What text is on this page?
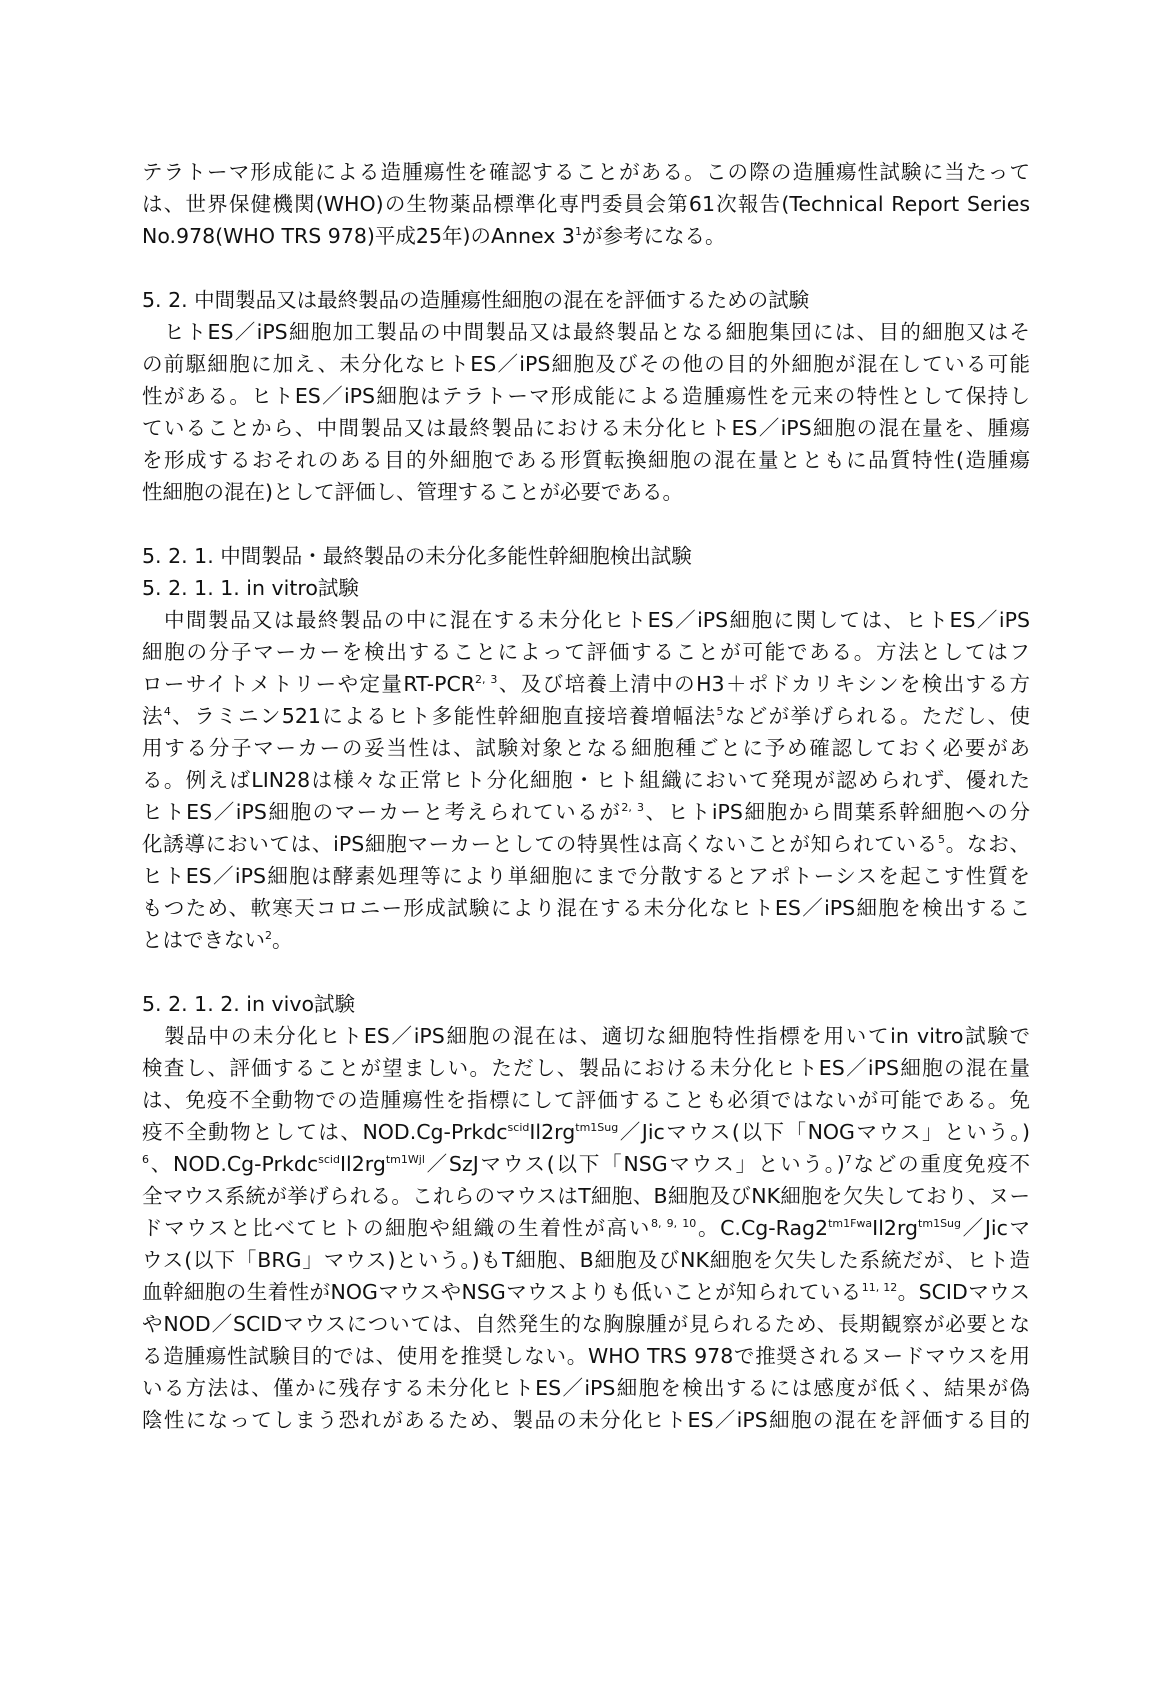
テラトーマ形成能による造腫瘍性を確認することがある。この際の造腫瘍性試験に当たって
は、世界保健機関(WHO)の生物薬品標準化専門委員会第61次報告(Technical Report Series
No.978(WHO TRS 978)平成25年)のAnnex $3^1$が参考になる。
5. 2. 中間製品又は最終製品の造腫瘍性細胞の混在を評価するための試験
　ヒトES／iPS細胞加工製品の中間製品又は最終製品となる細胞集団には、目的細胞又はそ
の前駆細胞に加え、未分化なヒトES／iPS細胞及びその他の目的外細胞が混在している可能
性がある。ヒトES／iPS細胞はテラトーマ形成能による造腫瘍性を元来の特性として保持し
ていることから、中間製品又は最終製品における未分化ヒトES／iPS細胞の混在量を、腫瘍
を形成するおそれのある目的外細胞である形質転換細胞の混在量とともに品質特性(造腫瘍
性細胞の混在)として評価し、管理することが必要である。
5. 2. 1. 中間製品・最終製品の未分化多能性幹細胞検出試験
5. 2. 1. 1. in vitro試験
　中間製品又は最終製品の中に混在する未分化ヒトES／iPS細胞に関しては、ヒトES／iPS
細胞の分子マーカーを検出することによって評価することが可能である。方法としてはフ
ローサイトメトリーや定量RT-PCR$^{2, 3}$、及び培養上清中のH3＋ポドカリキシンを検出する方
法$^4$、ラミニン521によるヒト多能性幹細胞直接培養増幅法$^5$などが挙げられる。ただし、使
用する分子マーカーの妥当性は、試験対象となる細胞種ごとに予め確認しておく必要があ
る。例えばLIN28は様々な正常ヒト分化細胞・ヒト組織において発現が認められず、優れた
ヒトES／iPS細胞のマーカーと考えられているが$^{2, 3}$、ヒトiPS細胞から間葉系幹細胞への分
化誘導においては、iPS細胞マーカーとしての特異性は高くないことが知られている$^5$。なお、
ヒトES／iPS細胞は酵素処理等により単細胞にまで分散するとアポトーシスを起こす性質を
もつため、軟寒天コロニー形成試験により混在する未分化なヒトES／iPS細胞を検出するこ
とはできない$^2$。
5. 2. 1. 2. in vivo試験
　製品中の未分化ヒトES／iPS細胞の混在は、適切な細胞特性指標を用いてin vitro試験で
検査し、評価することが望ましい。ただし、製品における未分化ヒトES／iPS細胞の混在量
は、免疫不全動物での造腫瘍性を指標にして評価することも必須ではないが可能である。免
疫不全動物としては、$NOD.Cg-Prkdc^{scid}Il2rg^{tm1Sug}/Jic$マウス(以下「NOGマウス」という。)
$^6$、$NOD.Cg-Prkdc^{scid}Il2rg^{tm1Wjl}/SzJ$マウス(以下「NSGマウス」という。)$^7$などの重度免疫不
全マウス系統が挙げられる。これらのマウスはT細胞、B細胞及びNK細胞を欠失しており、ヌー
ドマウスと比べてヒトの細胞や組織の生着性が高い$^{8, 9, 10}$。$C.Cg-Rag2^{tm1Fwa}Il2rg^{tm1Sug}/Jic$マ
ウス(以下「BRG」マウス)という。)もT細胞、B細胞及びNK細胞を欠失した系統だが、ヒト造
血幹細胞の生着性がNOGマウスやNSGマウスよりも低いことが知られている$^{11, 12}$。SCIDマウス
やNOD／SCIDマウスについては、自然発生的な胸腺腫が見られるため、長期観察が必要とな
る造腫瘍性試験目的では、使用を推奨しない。WHO TRS 978で推奨されるヌードマウスを用
いる方法は、僅かに残存する未分化ヒトES／iPS細胞を検出するには感度が低く、結果が偽
陰性になってしまう恐れがあるため、製品の未分化ヒトES／iPS細胞の混在を評価する目的
